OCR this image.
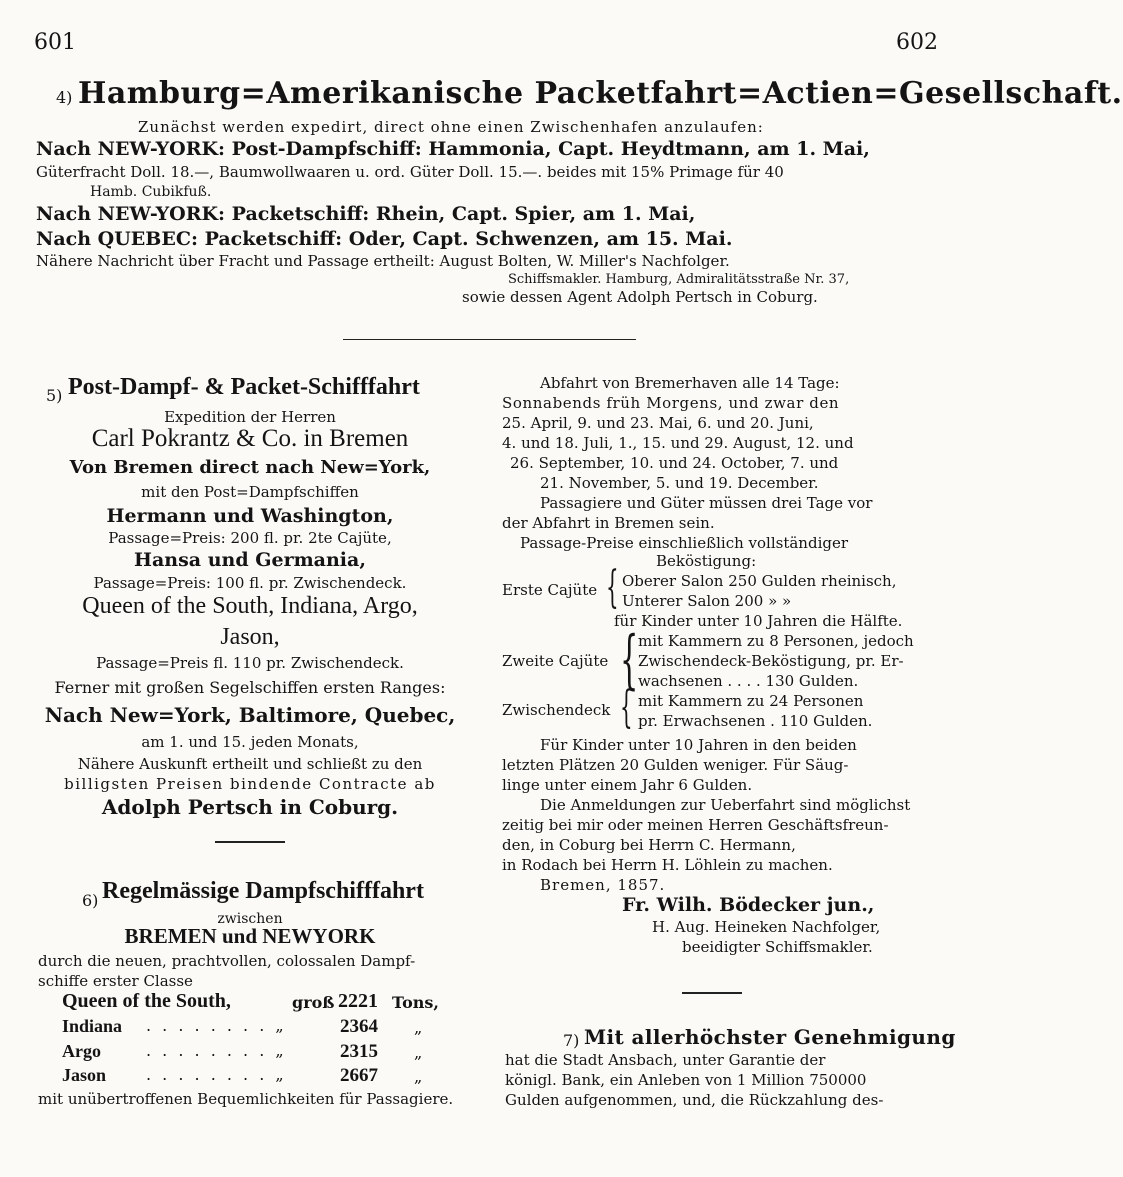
601	602
4) Hamburg=Amerikanische Packetfahrt=Actien=Gesellschaft.
Zunächst werden expedirt, direct ohne einen Zwischenhafen anzulaufen:
Nach NEW-YORK: Post-Dampfschiff: Hammonia, Capt. Heydtmann, am 1. Mai,
Güterfracht Doll. 18.—, Baumwollwaaren u. ord. Güter Doll. 15.—. beides mit 15% Primage für 40
Hamb. Cubikfuß.
Nach NEW-YORK: Packetschiff: Rhein, Capt. Spier, am 1. Mai,
Nach QUEBEC: Packetschiff: Oder, Capt. Schwenzen, am 15. Mai.
Nähere Nachricht über Fracht und Passage ertheilt: August Bolten, W. Miller's Nachfolger.
Schiffsmakler. Hamburg, Admiralitätsstraße Nr. 37,
sowie dessen Agent Adolph Pertsch in Coburg.
5) Post-Dampf- & Packet-Schifffahrt
Expedition der Herren
Carl Pokrantz & Co. in Bremen
Von Bremen direct nach New=York,
mit den Post=Dampfschiffen
Hermann und Washington,
Passage=Preis: 200 fl. pr. 2te Cajüte,
Hansa und Germania,
Passage=Preis: 100 fl. pr. Zwischendeck.
Queen of the South, Indiana, Argo,
Jason,
Passage=Preis fl. 110 pr. Zwischendeck.
Ferner mit großen Segelschiffen ersten Ranges:
Nach New=York, Baltimore, Quebec,
am 1. und 15. jeden Monats,
Nähere Auskunft ertheilt und schließt zu den
billigsten Preisen bindende Contracte ab
Adolph Pertsch in Coburg.
6) Regelmässige Dampfschifffahrt
zwischen
BREMEN und NEWYORK
durch die neuen, prachtvollen, colossalen Dampf-
schiffe erster Classe
Queen of the South,	groß 2221 Tons,
Indiana . . . . . . . . „	2364 „
Argo	. . . . . . . . „	2315 „
Jason . . . . . . . . „	2667 „
mit unübertroffenen Bequemlichkeiten für Passagiere.
Abfahrt von Bremerhaven alle 14 Tage:
Sonnabends früh Morgens, und zwar den
25. April, 9. und 23. Mai, 6. und 20. Juni,
4. und 18. Juli, 1., 15. und 29. August, 12. und
26. September, 10. und 24. October, 7. und
21. November, 5. und 19. December.
Passagiere und Güter müssen drei Tage vor
der Abfahrt in Bremen sein.
Passage-Preise einschließlich vollständiger
Beköstigung:
Erste Cajüte { Oberer Salon 250 Gulden rheinisch,
Unterer Salon 200 » »
für Kinder unter 10 Jahren die Hälfte.
Zweite Cajüte { mit Kammern zu 8 Personen, jedoch
Zwischendeck-Beköstigung, pr. Er-
wachsenen . . . . 130 Gulden.
Zwischendeck { mit Kammern zu 24 Personen
pr. Erwachsenen . 110 Gulden.
Für Kinder unter 10 Jahren in den beiden
letzten Plätzen 20 Gulden weniger. Für Säug-
linge unter einem Jahr 6 Gulden.
Die Anmeldungen zur Ueberfahrt sind möglichst
zeitig bei mir oder meinen Herren Geschäftsfreun-
den, in Coburg bei Herrn C. Hermann,
in Rodach bei Herrn H. Löhlein zu machen.
Bremen, 1857.
Fr. Wilh. Bödecker jun.,
H. Aug. Heineken Nachfolger,
beeidigter Schiffsmakler.
7) Mit allerhöchster Genehmigung
hat die Stadt Ansbach, unter Garantie der
königl. Bank, ein Anleben von 1 Million 750000
Gulden aufgenommen, und, die Rückzahlung des-
